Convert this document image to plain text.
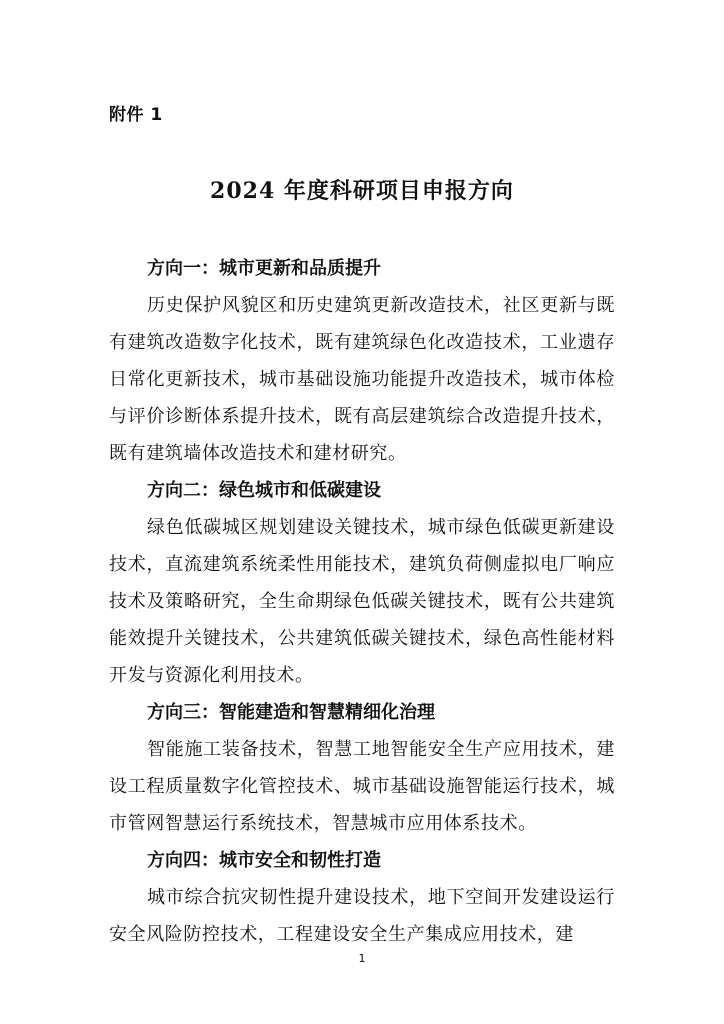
附件 1
2024 年度科研项目申报方向
方向一：城市更新和品质提升
历史保护风貌区和历史建筑更新改造技术，社区更新与既有建筑改造数字化技术，既有建筑绿色化改造技术，工业遗存日常化更新技术，城市基础设施功能提升改造技术，城市体检与评价诊断体系提升技术，既有高层建筑综合改造提升技术，既有建筑墙体改造技术和建材研究。
方向二：绿色城市和低碳建设
绿色低碳城区规划建设关键技术，城市绿色低碳更新建设技术，直流建筑系统柔性用能技术，建筑负荷侧虚拟电厂响应技术及策略研究，全生命期绿色低碳关键技术，既有公共建筑能效提升关键技术，公共建筑低碳关键技术，绿色高性能材料开发与资源化利用技术。
方向三：智能建造和智慧精细化治理
智能施工装备技术，智慧工地智能安全生产应用技术，建设工程质量数字化管控技术、城市基础设施智能运行技术，城市管网智慧运行系统技术，智慧城市应用体系技术。
方向四：城市安全和韧性打造
城市综合抗灾韧性提升建设技术，地下空间开发建设运行安全风险防控技术，工程建设安全生产集成应用技术，建
1
